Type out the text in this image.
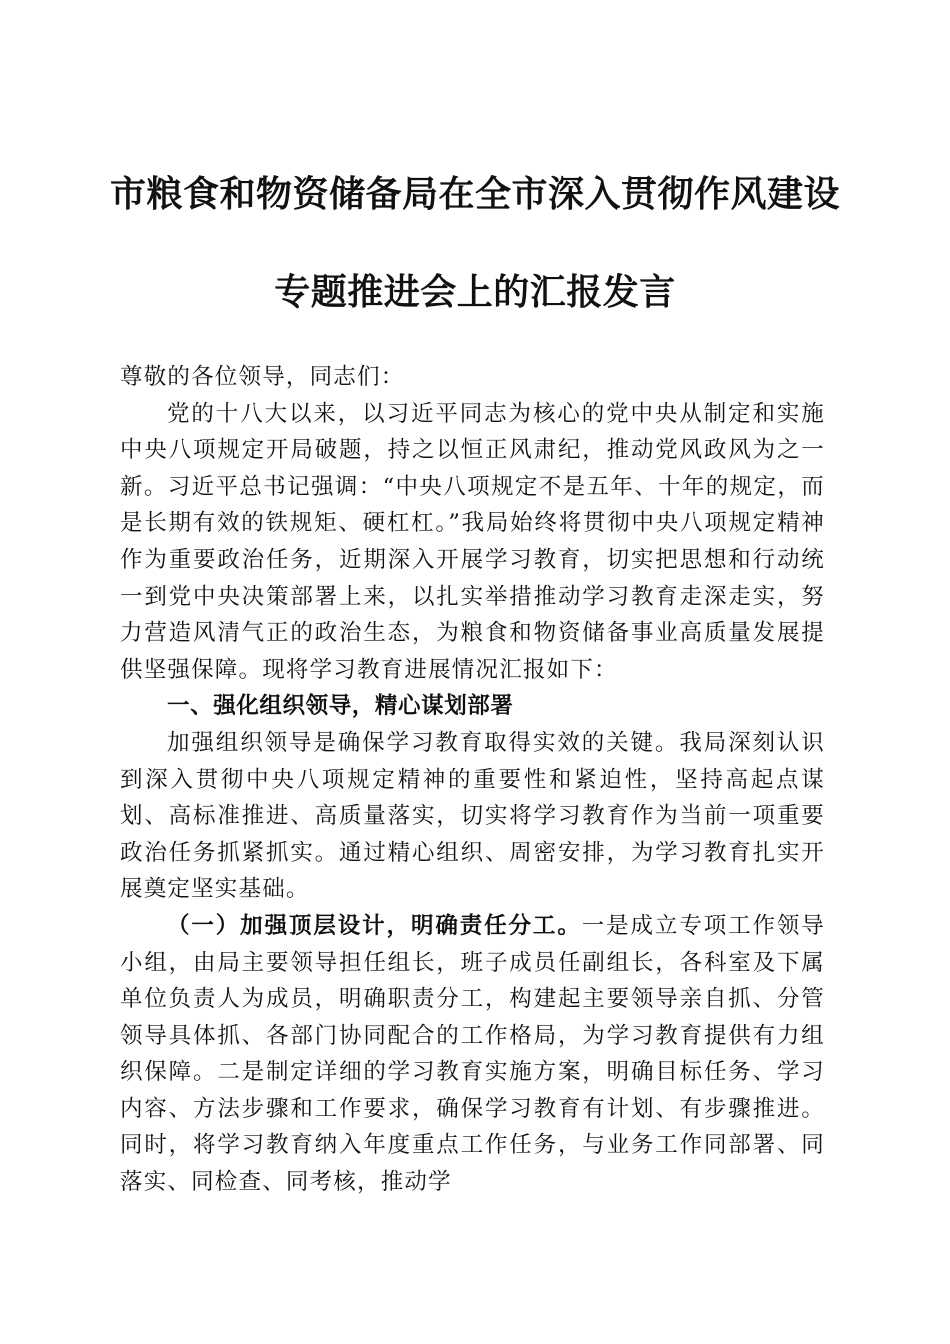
市粮食和物资储备局在全市深入贯彻作风建设
专题推进会上的汇报发言

尊敬的各位领导，同志们：

党的十八大以来，以习近平同志为核心的党中央从制定和实施中央八项规定开局破题，持之以恒正风肃纪，推动党风政风为之一新。习近平总书记强调：“中央八项规定不是五年、十年的规定，而是长期有效的铁规矩、硬杠杠。”我局始终将贯彻中央八项规定精神作为重要政治任务，近期深入开展学习教育，切实把思想和行动统一到党中央决策部署上来，以扎实举措推动学习教育走深走实，努力营造风清气正的政治生态，为粮食和物资储备事业高质量发展提供坚强保障。现将学习教育进展情况汇报如下：

一、强化组织领导，精心谋划部署

加强组织领导是确保学习教育取得实效的关键。我局深刻认识到深入贯彻中央八项规定精神的重要性和紧迫性，坚持高起点谋划、高标准推进、高质量落实，切实将学习教育作为当前一项重要政治任务抓紧抓实。通过精心组织、周密安排，为学习教育扎实开展奠定坚实基础。

（一）加强顶层设计，明确责任分工。一是成立专项工作领导小组，由局主要领导担任组长，班子成员任副组长，各科室及下属单位负责人为成员，明确职责分工，构建起主要领导亲自抓、分管领导具体抓、各部门协同配合的工作格局，为学习教育提供有力组织保障。二是制定详细的学习教育实施方案，明确目标任务、学习内容、方法步骤和工作要求，确保学习教育有计划、有步骤推进。同时，将学习教育纳入年度重点工作任务，与业务工作同部署、同落实、同检查、同考核，推动学
